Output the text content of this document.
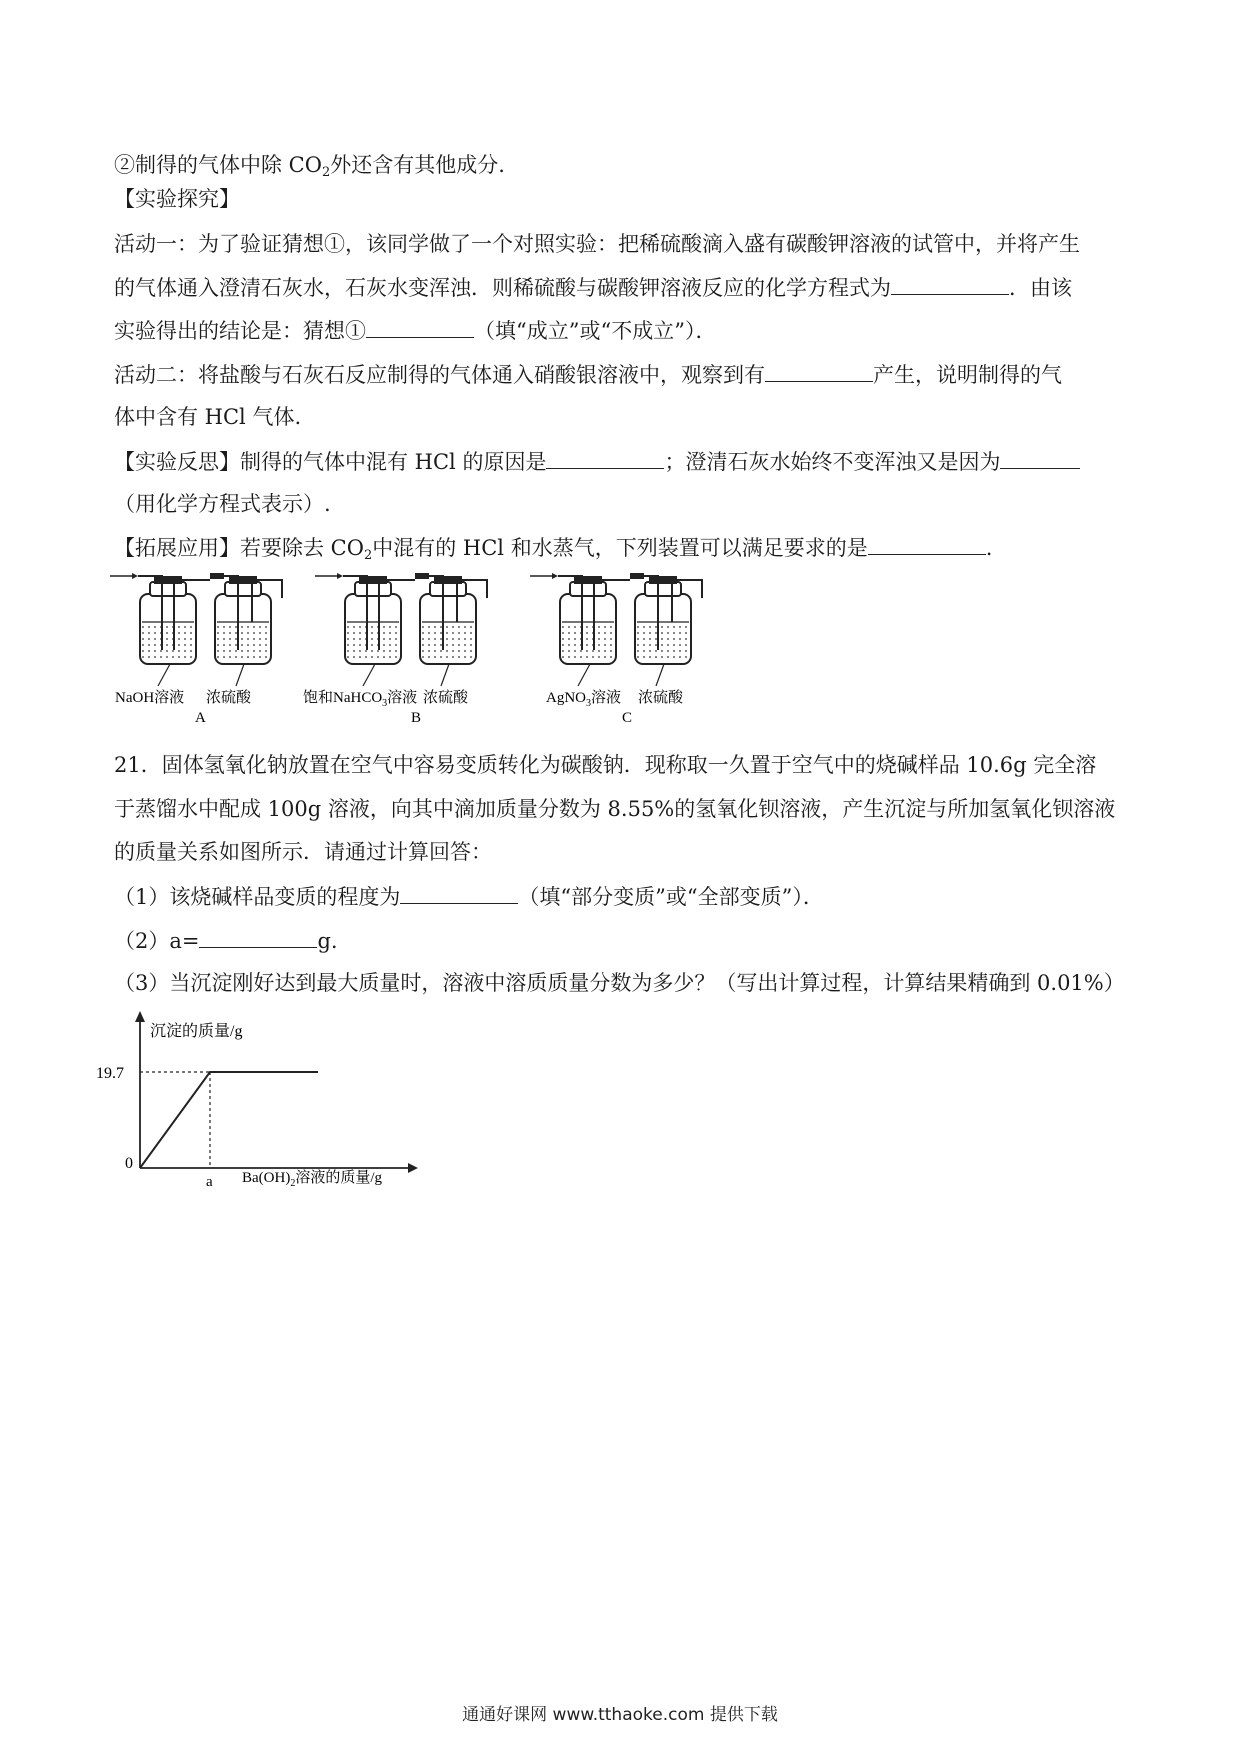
②制得的气体中除 $CO_2$外还含有其他成分.
【实验探究】
活动一：为了验证猜想①，该同学做了一个对照实验：把稀硫酸滴入盛有碳酸钾溶液的试管中，并将产生
的气体通入澄清石灰水，石灰水变浑浊．则稀硫酸与碳酸钾溶液反应的化学方程式为	．由该
实验得出的结论是：猜想①	（填“成立”或“不成立”）．
活动二：将盐酸与石灰石反应制得的气体通入硝酸银溶液中，观察到有	产生，说明制得的气
体中含有 HCl 气体.
【实验反思】制得的气体中混有 HCl 的原因是	；澄清石灰水始终不变浑浊又是因为
（用化学方程式表示）.
【拓展应用】若要除去 $CO_2$中混有的 HCl 和水蒸气，下列装置可以满足要求的是	.
NaOH溶液 浓硫酸
A
饱和NaHCO$_3$溶液 浓硫酸
B
AgNO$_3$溶液 浓硫酸
C
21．固体氢氧化钠放置在空气中容易变质转化为碳酸钠．现称取一久置于空气中的烧碱样品 10.6g 完全溶
于蒸馏水中配成 100g 溶液，向其中滴加质量分数为 8.55%的氢氧化钡溶液，产生沉淀与所加氢氧化钡溶液
的质量关系如图所示．请通过计算回答：
（1）该烧碱样品变质的程度为	（填“部分变质”或“全部变质”）．
（2）a=	g.
（3）当沉淀刚好达到最大质量时，溶液中溶质质量分数为多少？（写出计算过程，计算结果精确到 0.01%）
沉淀的质量/g
19.7
0
a $Ba(OH)_2$溶液的质量/g
通通好课网 www.tthaoke.com 提供下载
